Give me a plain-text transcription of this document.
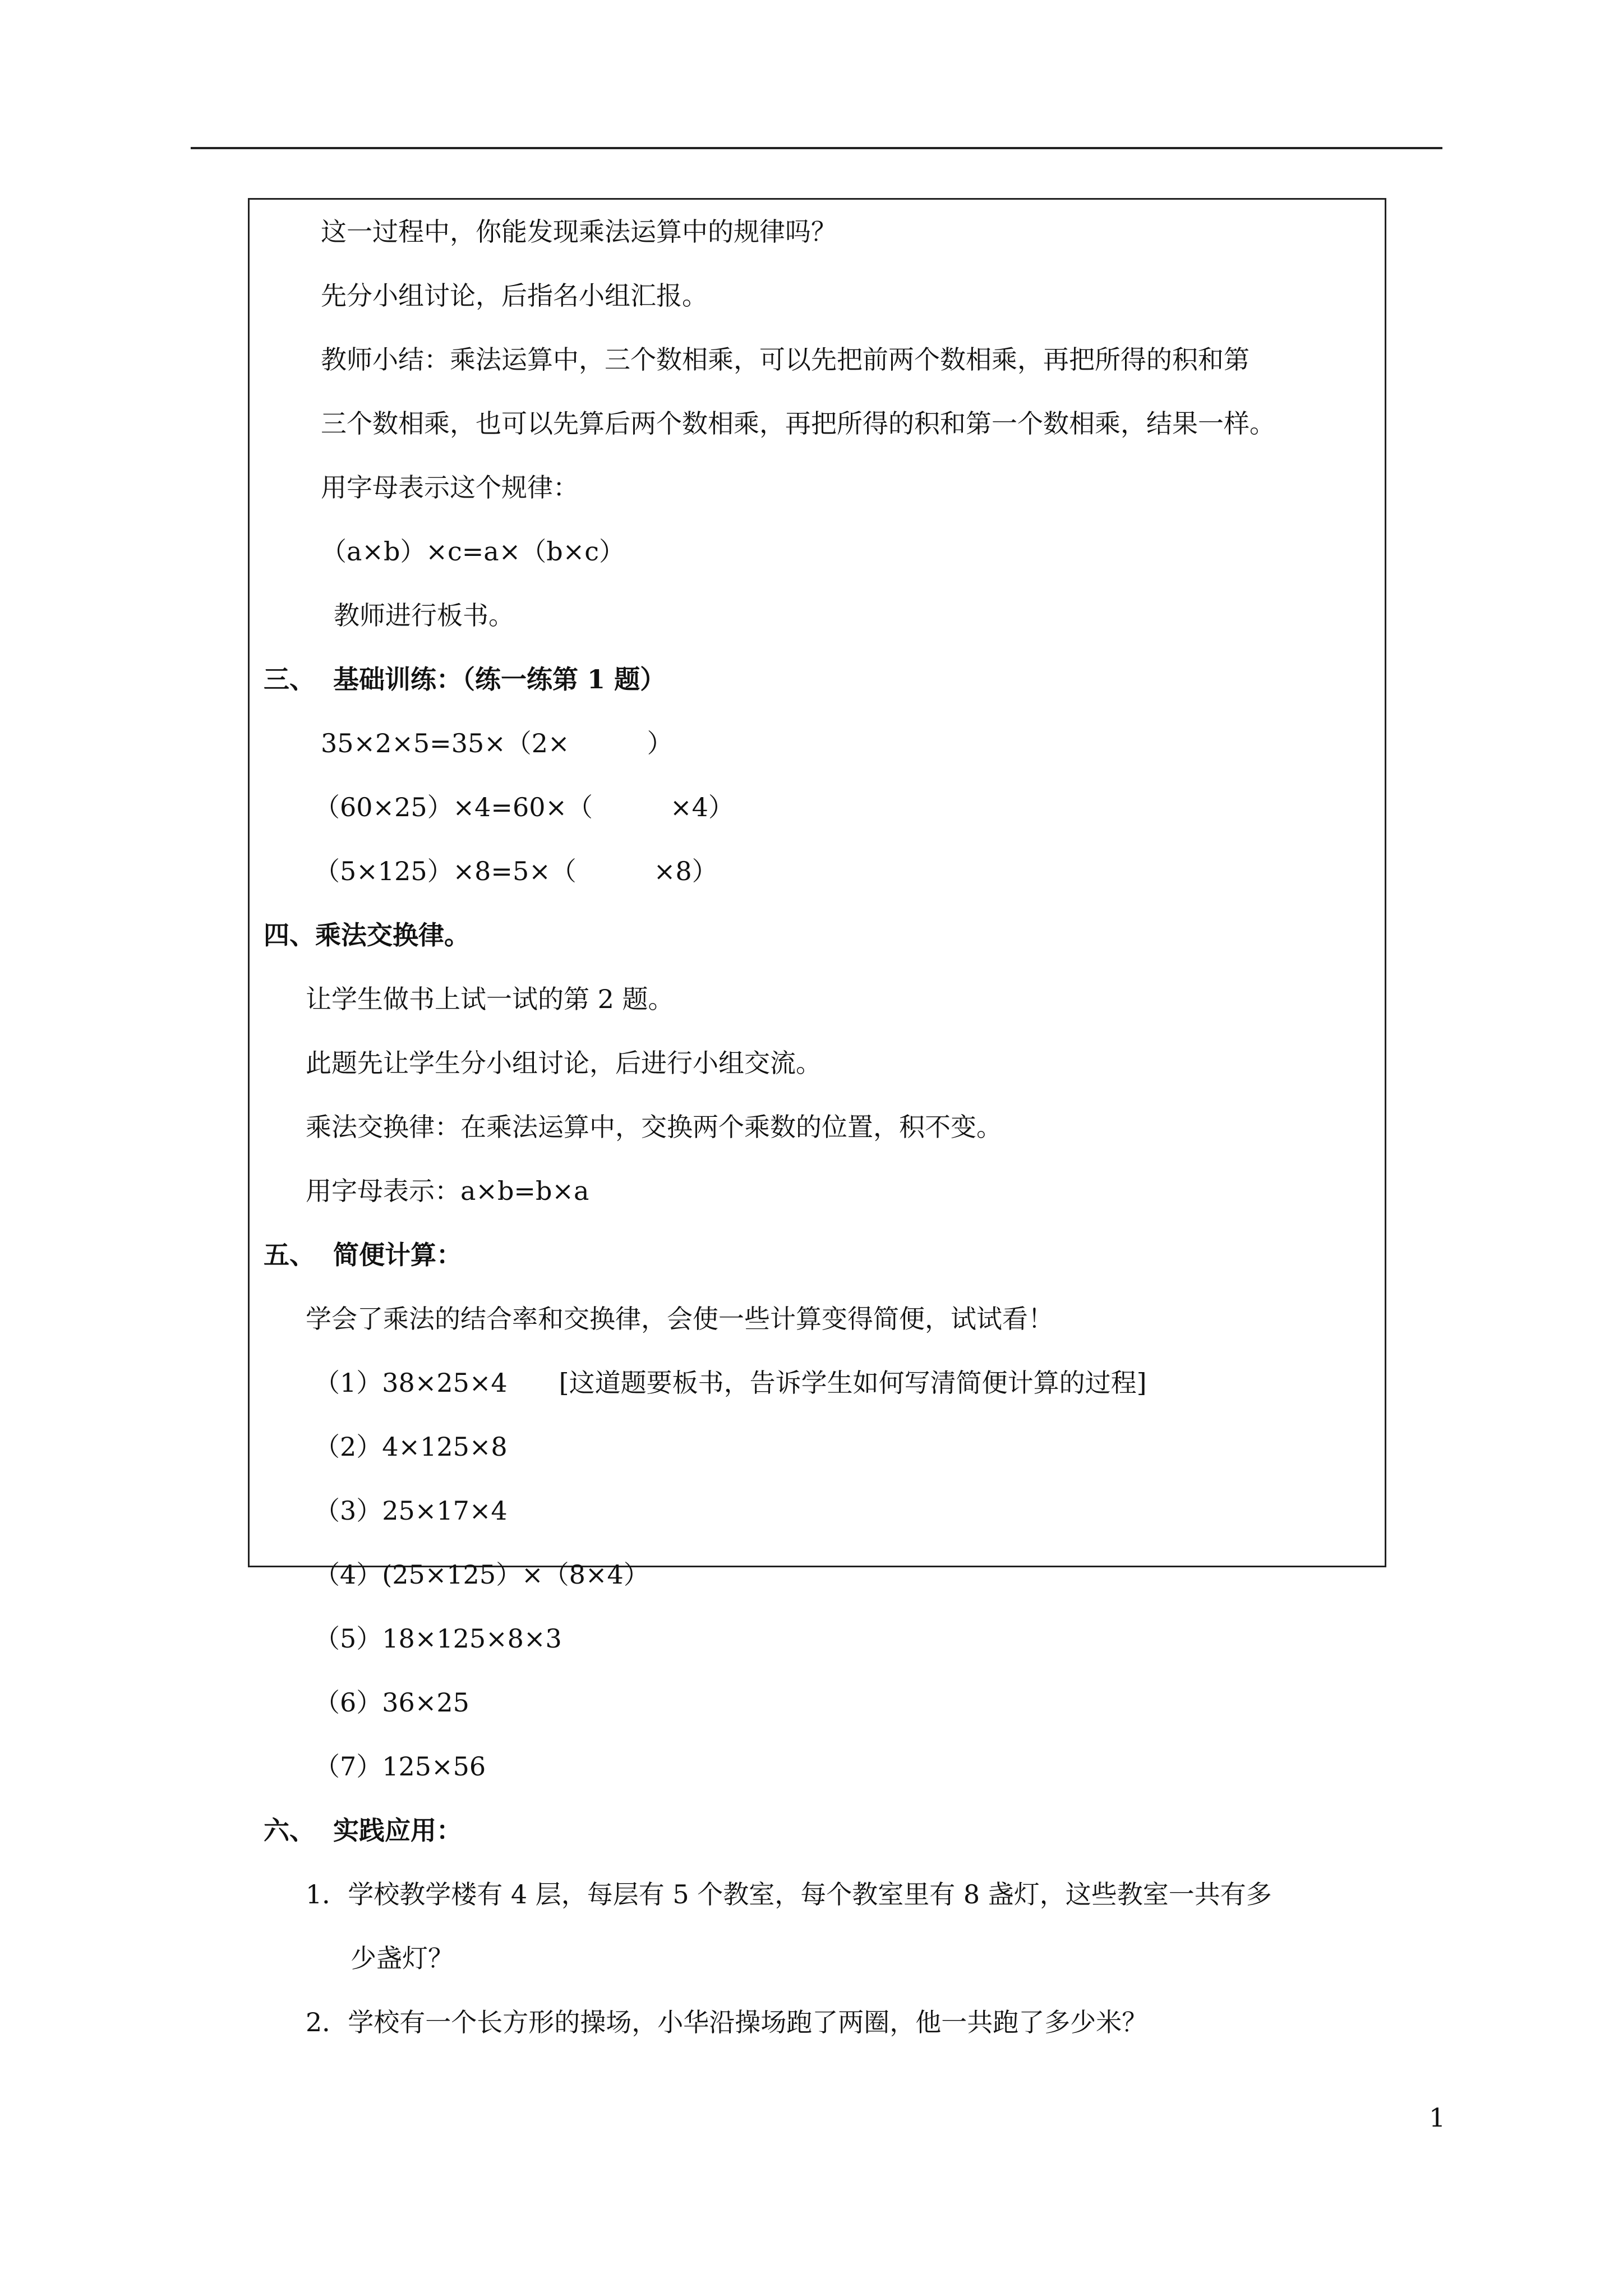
这一过程中，你能发现乘法运算中的规律吗？
先分小组讨论，后指名小组汇报。
教师小结：乘法运算中，三个数相乘，可以先把前两个数相乘，再把所得的积和第
三个数相乘，也可以先算后两个数相乘，再把所得的积和第一个数相乘，结果一样。
用字母表示这个规律：
（a×b）×c=a×（b×c）
教师进行板书。
三、  基础训练：（练一练第 1 题）
35×2×5=35×（2×　　　）
（60×25）×4=60×（　　　×4）
（5×125）×8=5×（　　　×8）
四、乘法交换律。
让学生做书上试一试的第 2 题。
此题先让学生分小组讨论，后进行小组交流。
乘法交换律：在乘法运算中，交换两个乘数的位置，积不变。
用字母表示：a×b=b×a
五、  简便计算：
学会了乘法的结合率和交换律，会使一些计算变得简便，试试看！
（1）38×25×4　　[这道题要板书，告诉学生如何写清简便计算的过程]
（2）4×125×8
（3）25×17×4
（4）(25×125）×（8×4）
（5）18×125×8×3
（6）36×25
（7）125×56
六、  实践应用：
1．学校教学楼有 4 层，每层有 5 个教室，每个教室里有 8 盏灯，这些教室一共有多
少盏灯？
2．学校有一个长方形的操场，小华沿操场跑了两圈，他一共跑了多少米？
1
